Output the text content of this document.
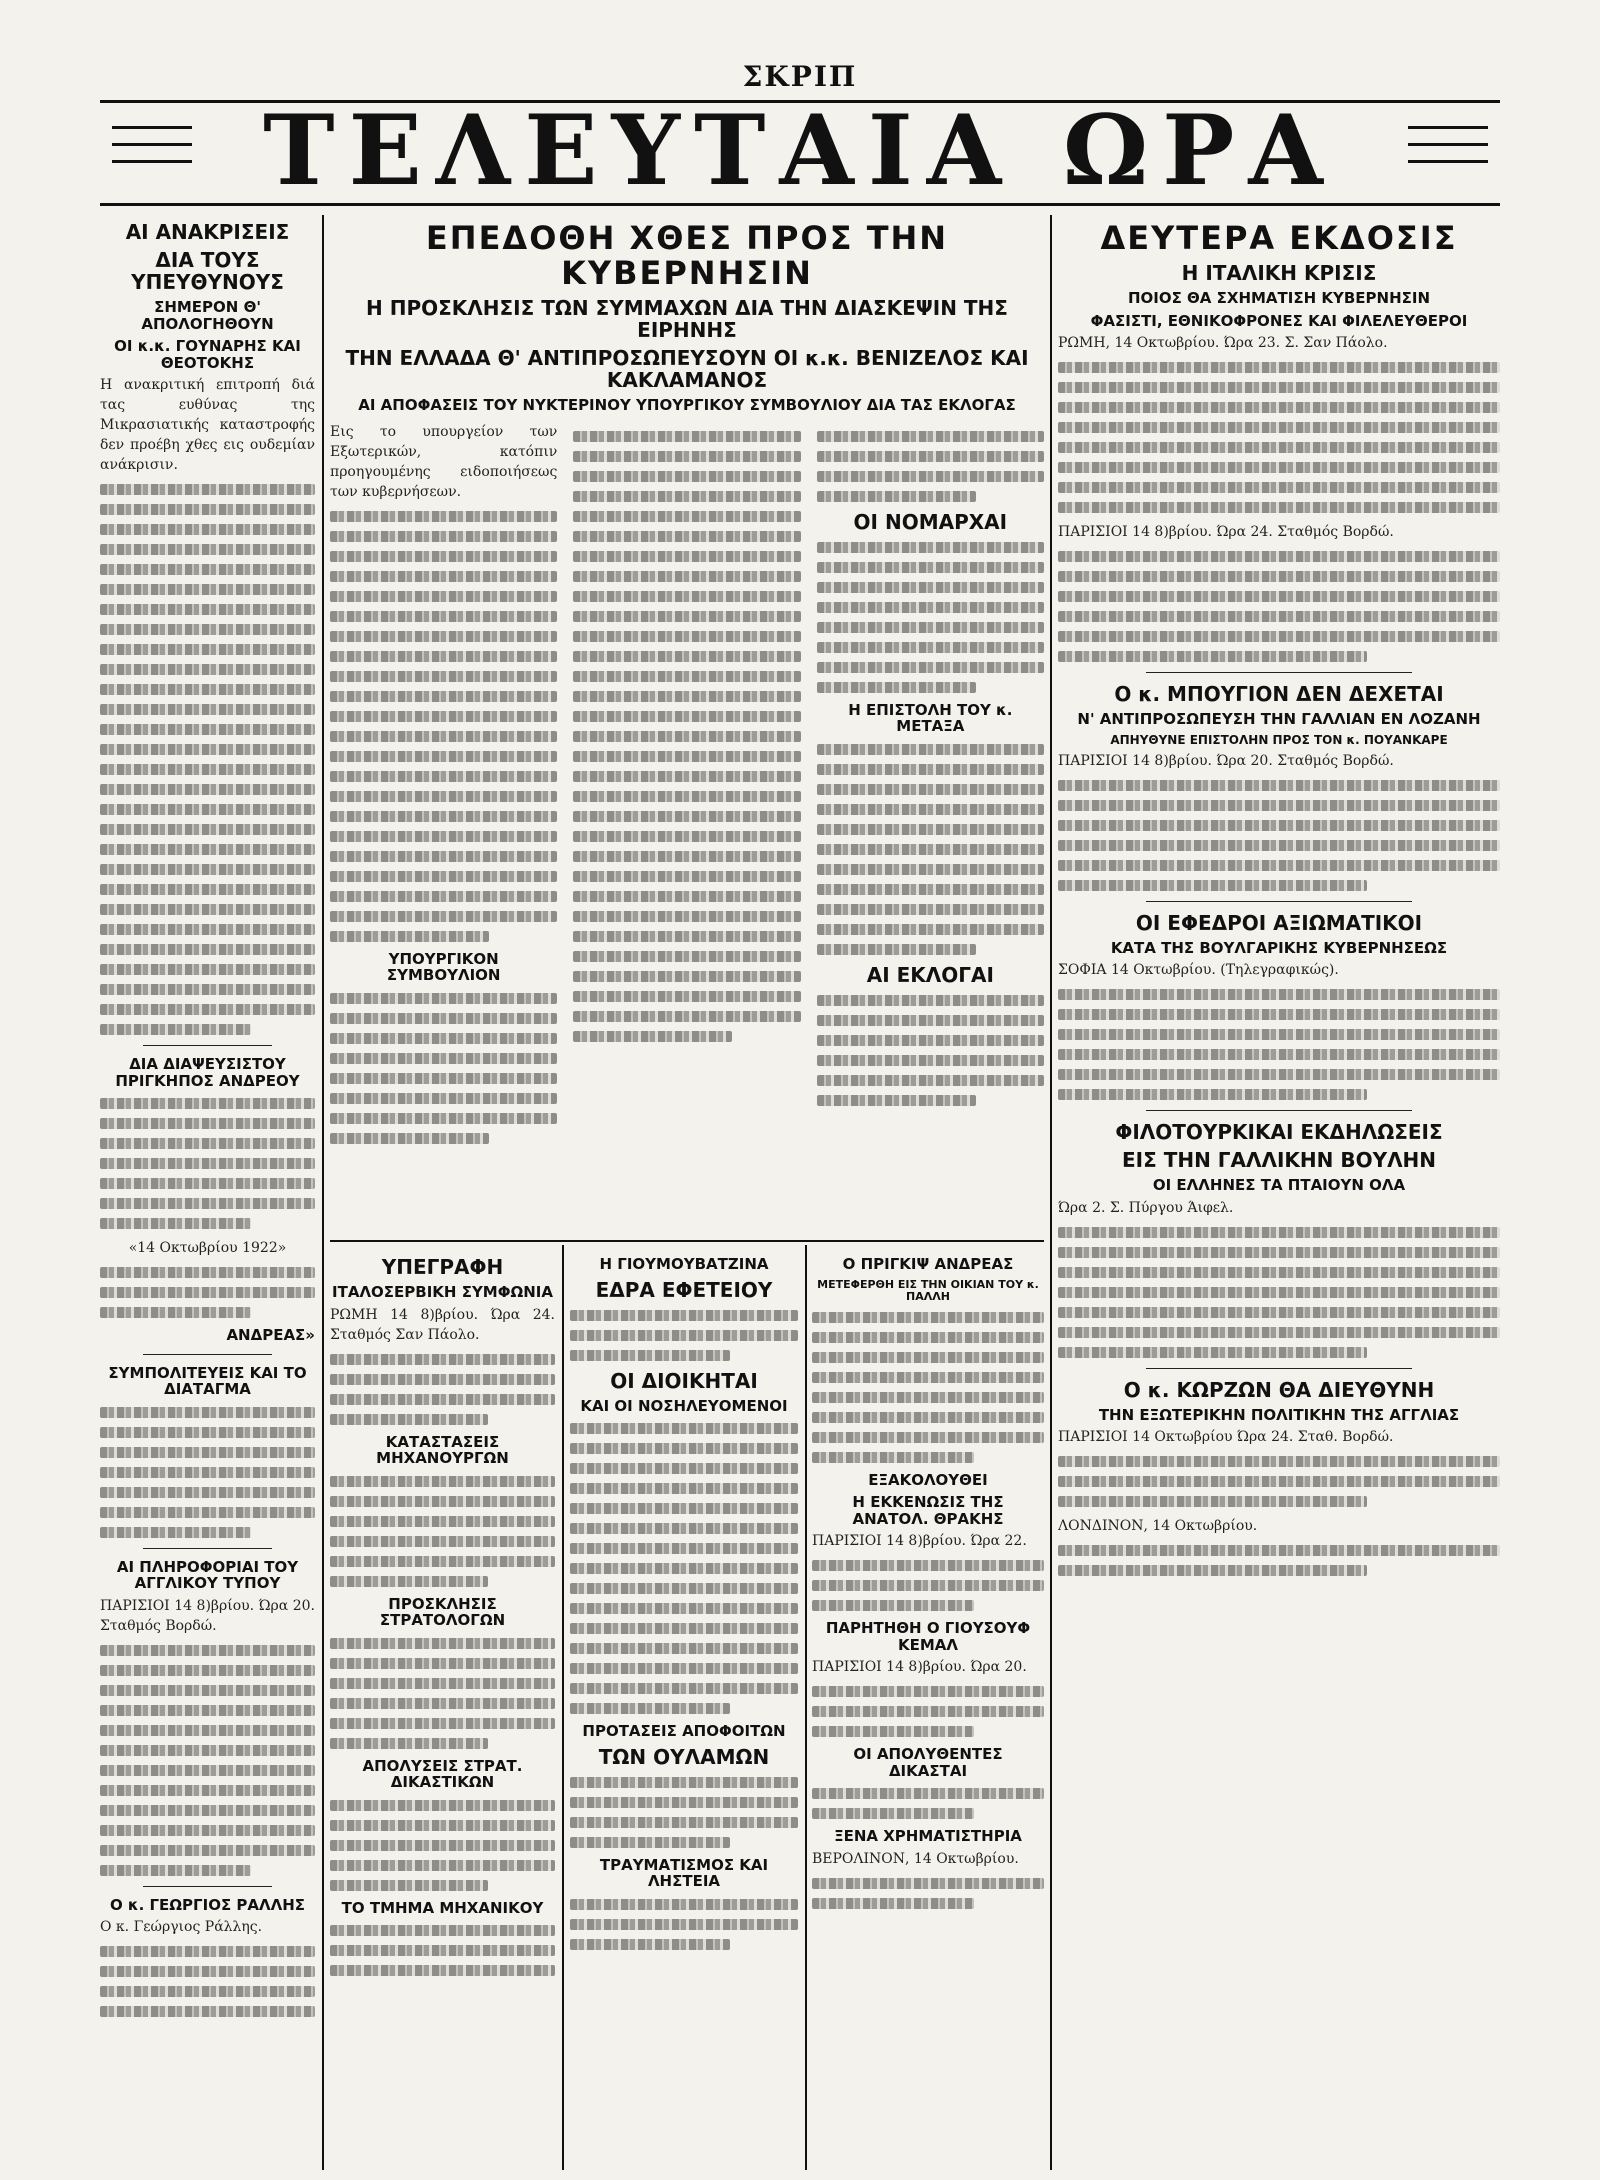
ΣΚΡΙΠ
ΤΕΛΕΥΤΑΙΑ ΩΡΑ
ΑΙ ΑΝΑΚΡΙΣΕΙΣ
ΔΙΑ ΤΟΥΣ ΥΠΕΥΘΥΝΟΥΣ
ΣΗΜΕΡΟΝ Θ' ΑΠΟΛΟΓΗΘΟΥΝ
ΟΙ κ.κ. ΓΟΥΝΑΡΗΣ ΚΑΙ ΘΕΟΤΟΚΗΣ

Η ανακριτική επιτροπή διά τας ευθύνας της Μικρασιατικής καταστροφής δεν προέβη χθες εις ουδεμίαν ανάκρισιν.

ΔΙΑ ΔΙΑΨΕΥΣΙΣΤΟΥ ΠΡΙΓΚΗΠΟΣ ΑΝΔΡΕΟΥ

«14 Οκτωβρίου 1922»

ΑΝΔΡΕΑΣ»
ΣΥΜΠΟΛΙΤΕΥΕΙΣ ΚΑΙ ΤΟ ΔΙΑΤΑΓΜΑ
ΑΙ ΠΛΗΡΟΦΟΡΙΑΙ ΤΟΥ ΑΓΓΛΙΚΟΥ ΤΥΠΟΥ

ΠΑΡΙΣΙΟΙ 14 8)βρίου. Ώρα 20. Σταθμός Βορδώ.

Ο κ. ΓΕΩΡΓΙΟΣ ΡΑΛΛΗΣ

Ο κ. Γεώργιος Ράλλης.

ΕΠΕΔΟΘΗ ΧΘΕΣ ΠΡΟΣ ΤΗΝ ΚΥΒΕΡΝΗΣΙΝ
Η ΠΡΟΣΚΛΗΣΙΣ ΤΩΝ ΣΥΜΜΑΧΩΝ ΔΙΑ ΤΗΝ ΔΙΑΣΚΕΨΙΝ ΤΗΣ ΕΙΡΗΝΗΣ
ΤΗΝ ΕΛΛΑΔΑ Θ' ΑΝΤΙΠΡΟΣΩΠΕΥΣΟΥΝ ΟΙ κ.κ. ΒΕΝΙΖΕΛΟΣ ΚΑΙ ΚΑΚΛΑΜΑΝΟΣ
ΑΙ ΑΠΟΦΑΣΕΙΣ ΤΟΥ ΝΥΚΤΕΡΙΝΟΥ ΥΠΟΥΡΓΙΚΟΥ ΣΥΜΒΟΥΛΙΟΥ ΔΙΑ ΤΑΣ ΕΚΛΟΓΑΣ

Εις το υπουργείον των Εξωτερικών, κατόπιν προηγουμένης ειδοποιήσεως των κυβερνήσεων.

ΥΠΟΥΡΓΙΚΟΝ ΣΥΜΒΟΥΛΙΟΝ
ΟΙ ΝΟΜΑΡΧΑΙ
Η ΕΠΙΣΤΟΛΗ ΤΟΥ κ. ΜΕΤΑΞΑ
ΑΙ ΕΚΛΟΓΑΙ
ΥΠΕΓΡΑΦΗ
ΙΤΑΛΟΣΕΡΒΙΚΗ ΣΥΜΦΩΝΙΑ

ΡΩΜΗ 14 8)βρίου. Ώρα 24. Σταθμός Σαν Πάολο.

ΚΑΤΑΣΤΑΣΕΙΣ ΜΗΧΑΝΟΥΡΓΩΝ
ΠΡΟΣΚΛΗΣΙΣ ΣΤΡΑΤΟΛΟΓΩΝ
ΑΠΟΛΥΣΕΙΣ ΣΤΡΑΤ. ΔΙΚΑΣΤΙΚΩΝ
ΤΟ ΤΜΗΜΑ ΜΗΧΑΝΙΚΟΥ
Η ΓΙΟΥΜΟΥΒΑΤΖΙΝΑ
ΕΔΡΑ ΕΦΕΤΕΙΟΥ
ΟΙ ΔΙΟΙΚΗΤΑΙ
ΚΑΙ ΟΙ ΝΟΣΗΛΕΥΟΜΕΝΟΙ
ΠΡΟΤΑΣΕΙΣ ΑΠΟΦΟΙΤΩΝ
ΤΩΝ ΟΥΛΑΜΩΝ
ΤΡΑΥΜΑΤΙΣΜΟΣ ΚΑΙ ΛΗΣΤΕΙΑ
Ο ΠΡΙΓΚΙΨ ΑΝΔΡΕΑΣ
ΜΕΤΕΦΕΡΘΗ ΕΙΣ ΤΗΝ ΟΙΚΙΑΝ ΤΟΥ κ. ΠΑΛΛΗ
ΕΞΑΚΟΛΟΥΘΕΙ
Η ΕΚΚΕΝΩΣΙΣ ΤΗΣ ΑΝΑΤΟΛ. ΘΡΑΚΗΣ

ΠΑΡΙΣΙΟΙ 14 8)βρίου. Ώρα 22.

ΠΑΡΗΤΗΘΗ Ο ΓΙΟΥΣΟΥΦ ΚΕΜΑΛ

ΠΑΡΙΣΙΟΙ 14 8)βρίου. Ώρα 20.

ΟΙ ΑΠΟΛΥΘΕΝΤΕΣ ΔΙΚΑΣΤΑΙ
ΞΕΝΑ ΧΡΗΜΑΤΙΣΤΗΡΙΑ

ΒΕΡΟΛΙΝΟΝ, 14 Οκτωβρίου.

ΔΕΥΤΕΡΑ ΕΚΔΟΣΙΣ
Η ΙΤΑΛΙΚΗ ΚΡΙΣΙΣ
ΠΟΙΟΣ ΘΑ ΣΧΗΜΑΤΙΣΗ ΚΥΒΕΡΝΗΣΙΝ
ΦΑΣΙΣΤΙ, ΕΘΝΙΚΟΦΡΟΝΕΣ ΚΑΙ ΦΙΛΕΛΕΥΘΕΡΟΙ

ΡΩΜΗ, 14 Οκτωβρίου. Ώρα 23. Σ. Σαν Πάολο.

ΠΑΡΙΣΙΟΙ 14 8)βρίου. Ώρα 24. Σταθμός Βορδώ.

Ο κ. ΜΠΟΥΓΙΟΝ ΔΕΝ ΔΕΧΕΤΑΙ
Ν' ΑΝΤΙΠΡΟΣΩΠΕΥΣΗ ΤΗΝ ΓΑΛΛΙΑΝ ΕΝ ΛΟΖΑΝΗ
ΑΠΗΥΘΥΝΕ ΕΠΙΣΤΟΛΗΝ ΠΡΟΣ ΤΟΝ κ. ΠΟΥΑΝΚΑΡΕ

ΠΑΡΙΣΙΟΙ 14 8)βρίου. Ώρα 20. Σταθμός Βορδώ.

ΟΙ ΕΦΕΔΡΟΙ ΑΞΙΩΜΑΤΙΚΟΙ
ΚΑΤΑ ΤΗΣ ΒΟΥΛΓΑΡΙΚΗΣ ΚΥΒΕΡΝΗΣΕΩΣ

ΣΟΦΙΑ 14 Οκτωβρίου. (Τηλεγραφικώς).

ΦΙΛΟΤΟΥΡΚΙΚΑΙ ΕΚΔΗΛΩΣΕΙΣ
ΕΙΣ ΤΗΝ ΓΑΛΛΙΚΗΝ ΒΟΥΛΗΝ
ΟΙ ΕΛΛΗΝΕΣ ΤΑ ΠΤΑΙΟΥΝ ΟΛΑ

Ώρα 2. Σ. Πύργου Άιφελ.

Ο κ. ΚΩΡΖΩΝ ΘΑ ΔΙΕΥΘΥΝΗ
ΤΗΝ ΕΞΩΤΕΡΙΚΗΝ ΠΟΛΙΤΙΚΗΝ ΤΗΣ ΑΓΓΛΙΑΣ

ΠΑΡΙΣΙΟΙ 14 Οκτωβρίου Ώρα 24. Σταθ. Βορδώ.

ΛΟΝΔΙΝΟΝ, 14 Οκτωβρίου.
